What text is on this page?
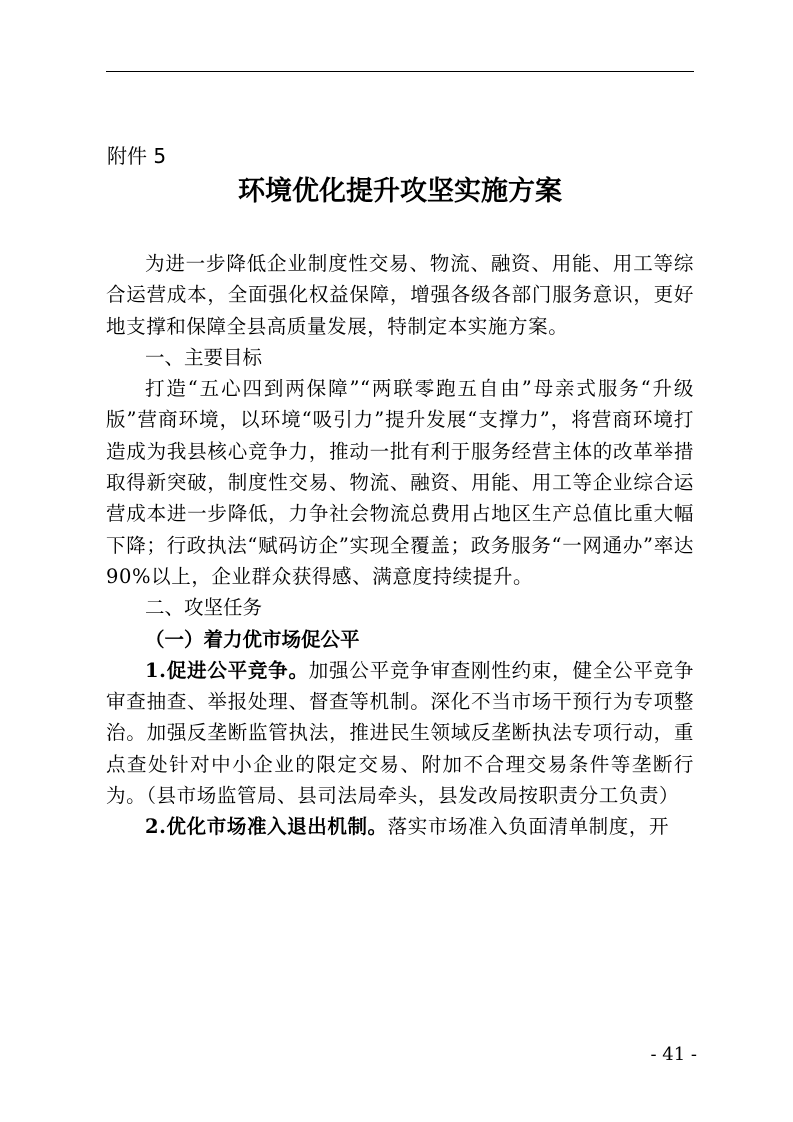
附件 5
环境优化提升攻坚实施方案

为进一步降低企业制度性交易、物流、融资、用能、用工等综合运营成本，全面强化权益保障，增强各级各部门服务意识，更好地支撑和保障全县高质量发展，特制定本实施方案。

一、主要目标

打造“五心四到两保障”“两联零跑五自由”母亲式服务“升级版”营商环境，以环境“吸引力”提升发展“支撑力”，将营商环境打造成为我县核心竞争力，推动一批有利于服务经营主体的改革举措取得新突破，制度性交易、物流、融资、用能、用工等企业综合运营成本进一步降低，力争社会物流总费用占地区生产总值比重大幅下降；行政执法“赋码访企”实现全覆盖；政务服务“一网通办”率达 90%以上，企业群众获得感、满意度持续提升。

二、攻坚任务

（一）着力优市场促公平

1.促进公平竞争。加强公平竞争审查刚性约束，健全公平竞争审查抽查、举报处理、督查等机制。深化不当市场干预行为专项整治。加强反垄断监管执法，推进民生领域反垄断执法专项行动，重点查处针对中小企业的限定交易、附加不合理交易条件等垄断行为。（县市场监管局、县司法局牵头，县发改局按职责分工负责）

2.优化市场准入退出机制。落实市场准入负面清单制度，开

- 41 -
